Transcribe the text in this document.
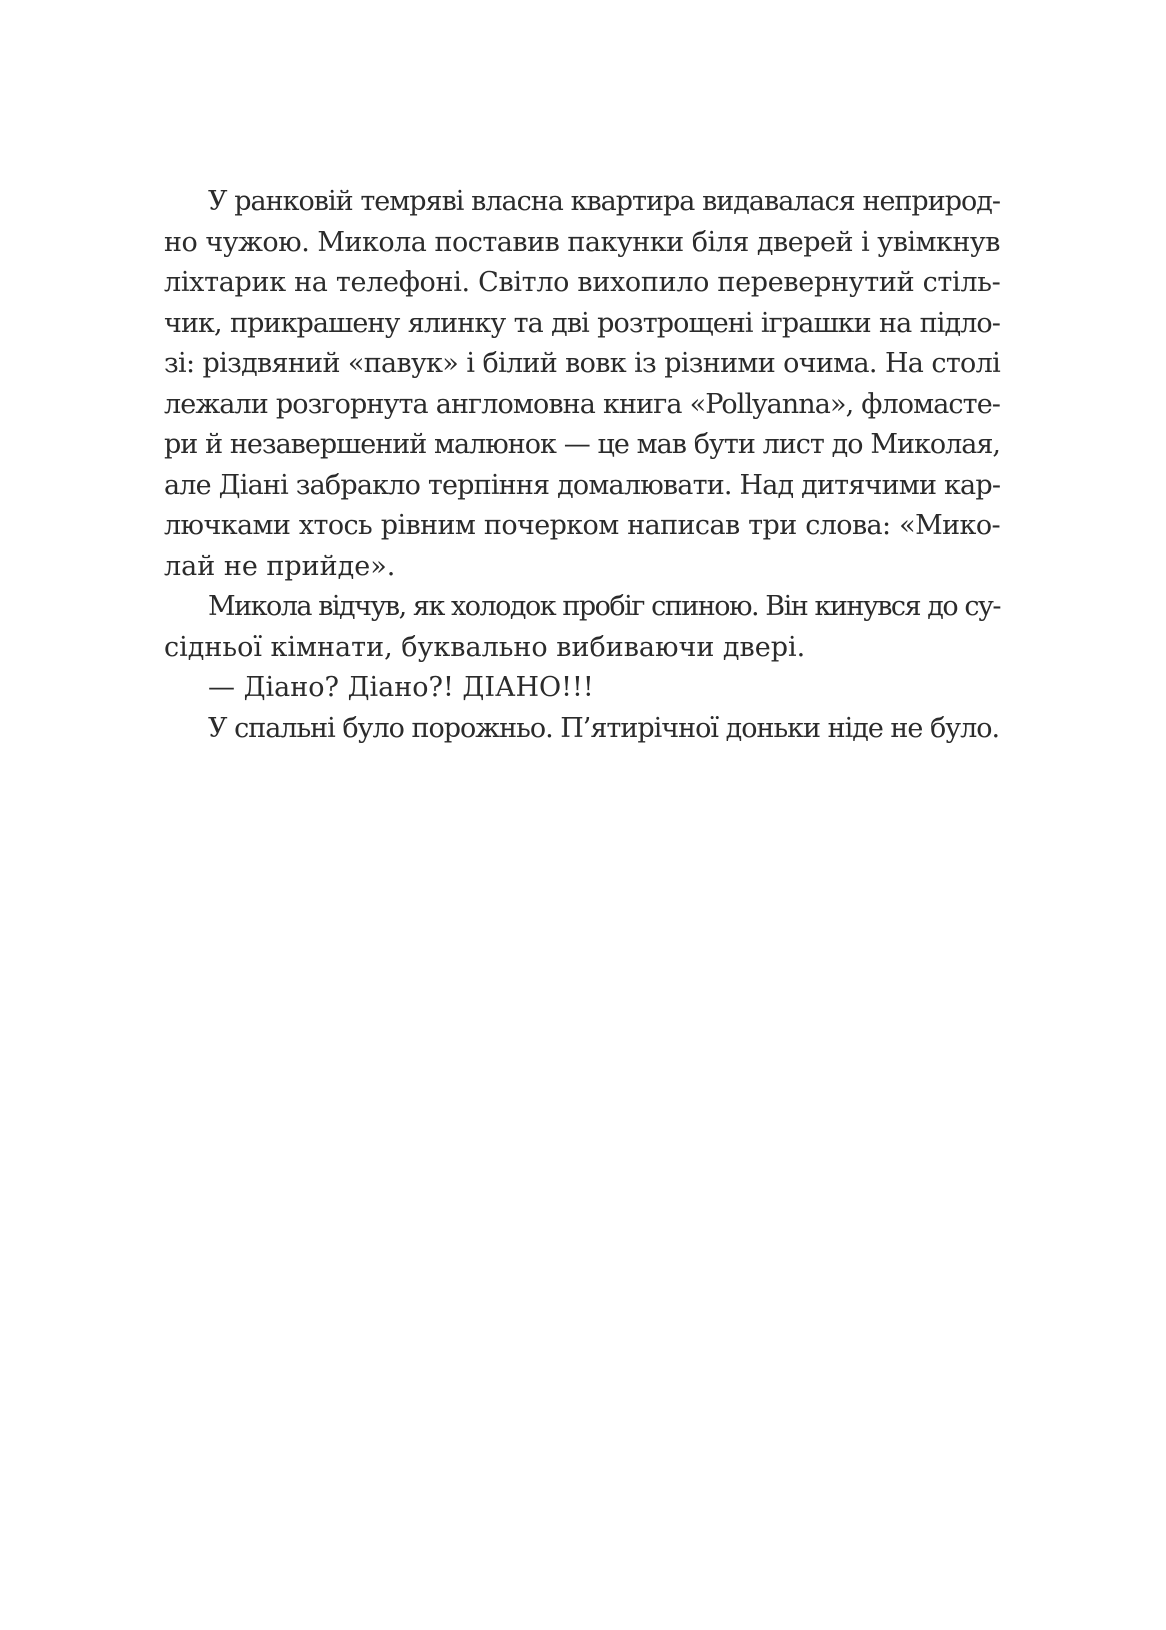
У ранковій темряві власна квартира видавалася неприрод-
но чужою. Микола поставив пакунки біля дверей і увімкнув
ліхтарик на телефоні. Світло вихопило перевернутий стіль-
чик, прикрашену ялинку та дві розтрощені іграшки на підло-
зі: різдвяний «павук» і білий вовк із різними очима. На столі
лежали розгорнута англомовна книга «Pollyanna», фломасте-
ри й незавершений малюнок — це мав бути лист до Миколая,
але Діані забракло терпіння домалювати. Над дитячими кар-
лючками хтось рівним почерком написав три слова: «Мико-
лай не прийде».
Микола відчув, як холодок пробіг спиною. Він кинувся до су-
сідньої кімнати, буквально вибиваючи двері.
— Діано? Діано?! ДІАНО!!!
У спальні було порожньо. П’ятирічної доньки ніде не було.
